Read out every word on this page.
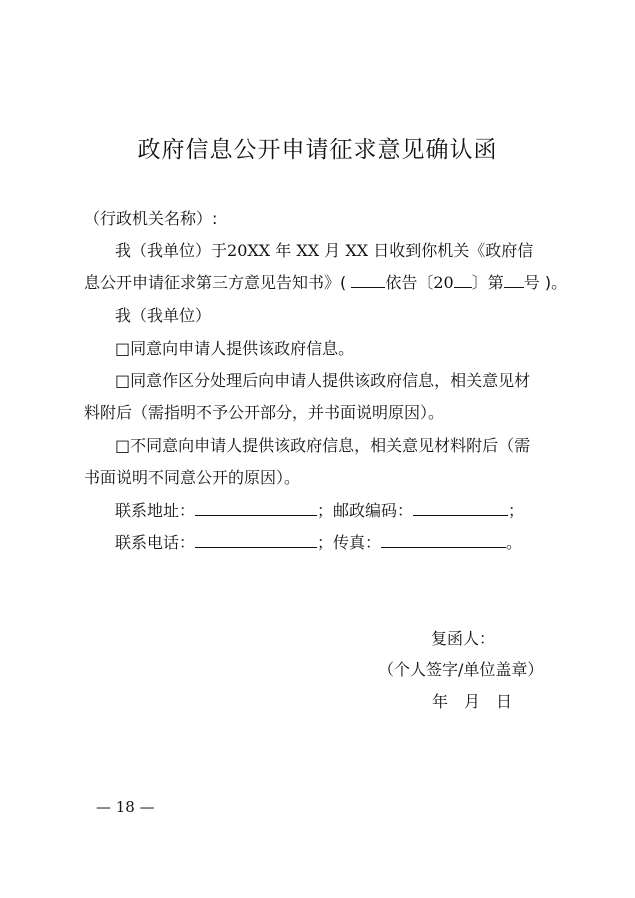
政府信息公开申请征求意见确认函
（行政机关名称）:
我（我单位）于20XX 年 XX 月 XX 日收到你机关《政府信
息公开申请征求第三方意见告知书》( 依告〔20 〕第 号 )。
我（我单位）
□同意向申请人提供该政府信息。
□同意作区分处理后向申请人提供该政府信息，相关意见材
料附后（需指明不予公开部分，并书面说明原因）。
□不同意向申请人提供该政府信息，相关意见材料附后（需
书面说明不同意公开的原因）。
联系地址：	；邮政编码：	；
联系电话：	；传真：	。
复函人：
（个人签字/单位盖章）
年　月　日
— 18 —
